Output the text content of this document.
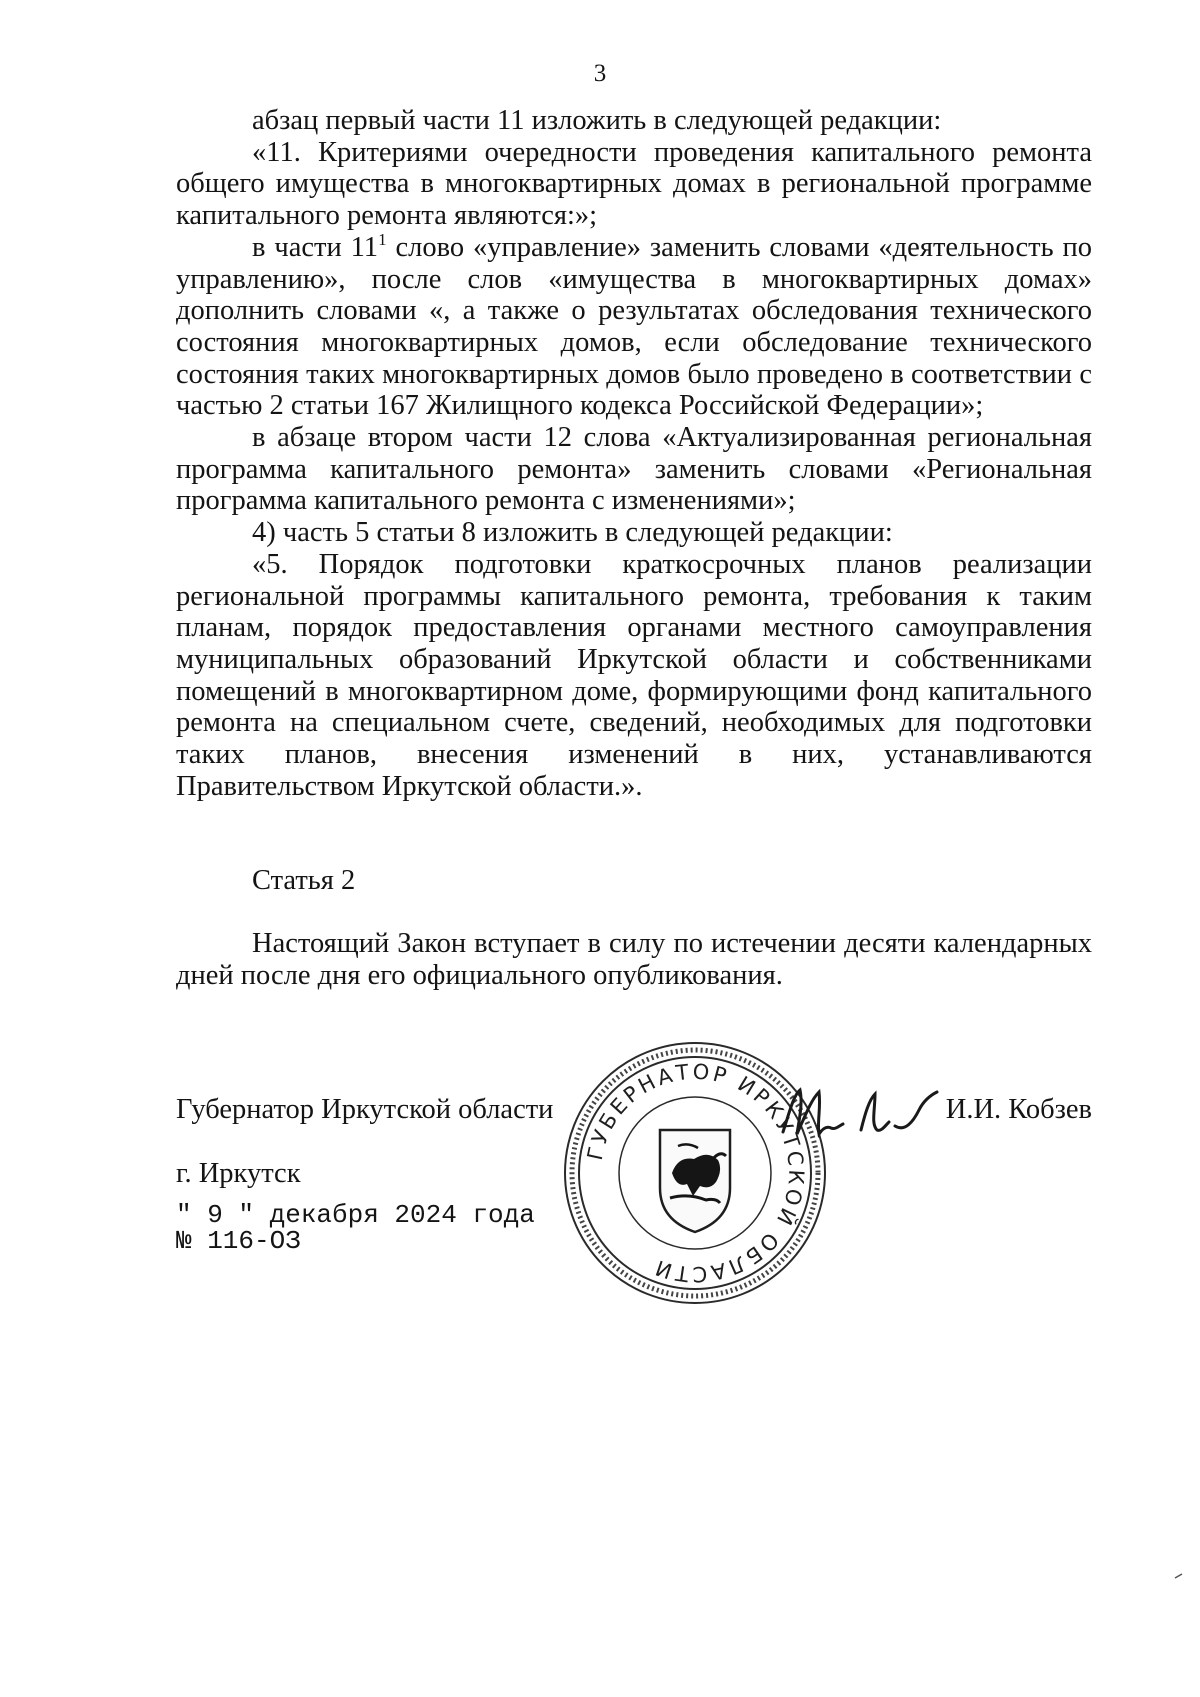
3

абзац первый части 11 изложить в следующей редакции:

«11. Критериями очередности проведения капитального ремонта общего имущества в многоквартирных домах в региональной программе капитального ремонта являются:»;

в части $11^1$ слово «управление» заменить словами «деятельность по управлению», после слов «имущества в многоквартирных домах» дополнить словами «, а также о результатах обследования технического состояния многоквартирных домов, если обследование технического состояния таких многоквартирных домов было проведено в соответствии с частью 2 статьи 167 Жилищного кодекса Российской Федерации»;

в абзаце втором части 12 слова «Актуализированная региональная программа капитального ремонта» заменить словами «Региональная программа капитального ремонта с изменениями»;

4) часть 5 статьи 8 изложить в следующей редакции:

«5. Порядок подготовки краткосрочных планов реализации региональной программы капитального ремонта, требования к таким планам, порядок предоставления органами местного самоуправления муниципальных образований Иркутской области и собственниками помещений в многоквартирном доме, формирующими фонд капитального ремонта на специальном счете, сведений, необходимых для подготовки таких планов, внесения изменений в них, устанавливаются Правительством Иркутской области.».

Статья 2
Настоящий Закон вступает в силу по истечении десяти календарных дней после дня его официального опубликования.
Губернатор Иркутской области	И.И. Кобзев
г. Иркутск
" 9 " декабря 2024 года
№ 116-ОЗ
ГУБЕРНАТОР ИРКУТСКОЙ ОБЛАСТИ
